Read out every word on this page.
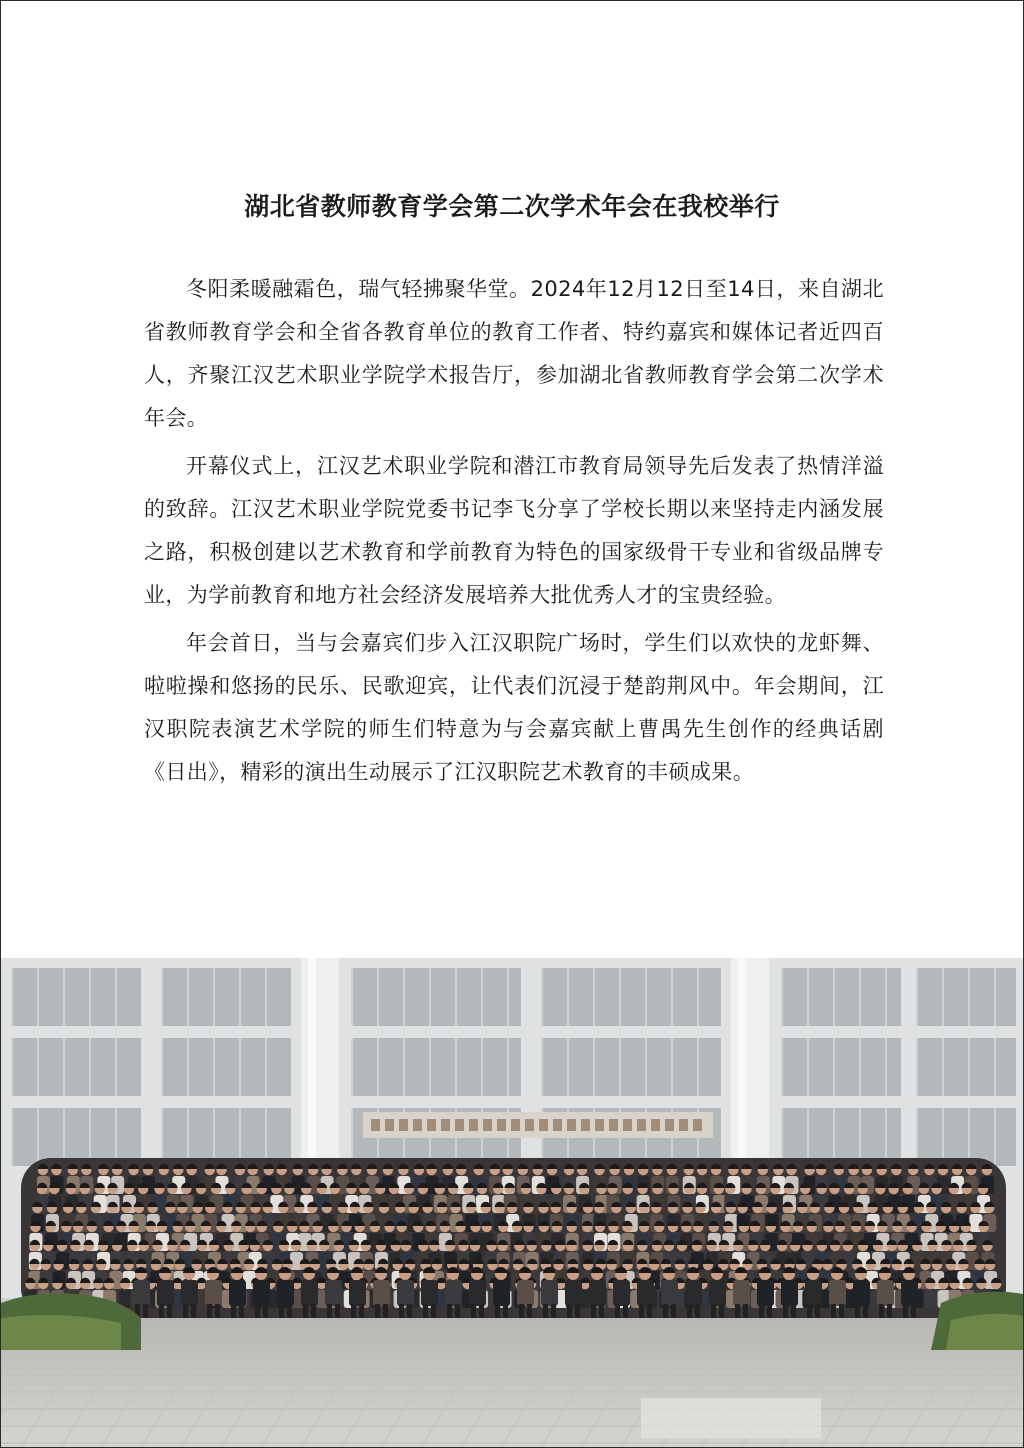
湖北省教师教育学会第二次学术年会在我校举行

冬阳柔暖融霜色，瑞气轻拂聚华堂。2024年12月12日至14日，来自湖北省教师教育学会和全省各教育单位的教育工作者、特约嘉宾和媒体记者近四百人，齐聚江汉艺术职业学院学术报告厅，参加湖北省教师教育学会第二次学术年会。

开幕仪式上，江汉艺术职业学院和潜江市教育局领导先后发表了热情洋溢的致辞。江汉艺术职业学院党委书记李飞分享了学校长期以来坚持走内涵发展之路，积极创建以艺术教育和学前教育为特色的国家级骨干专业和省级品牌专业，为学前教育和地方社会经济发展培养大批优秀人才的宝贵经验。

年会首日，当与会嘉宾们步入江汉职院广场时，学生们以欢快的龙虾舞、啦啦操和悠扬的民乐、民歌迎宾，让代表们沉浸于楚韵荆风中。年会期间，江汉职院表演艺术学院的师生们特意为与会嘉宾献上曹禺先生创作的经典话剧《日出》，精彩的演出生动展示了江汉职院艺术教育的丰硕成果。
